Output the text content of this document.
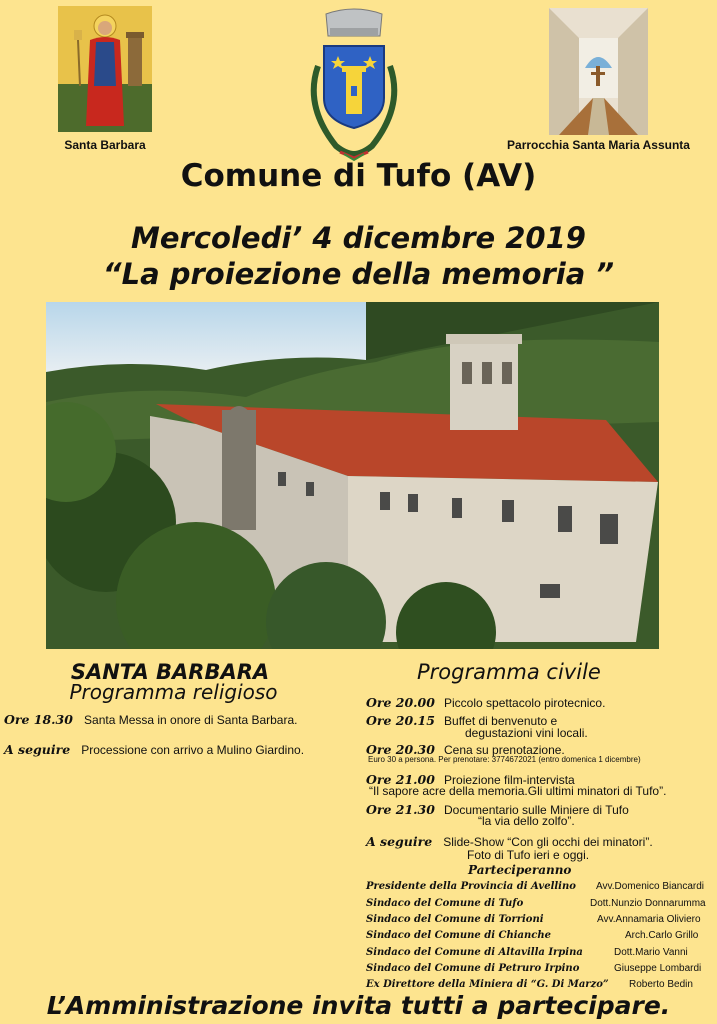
Santa Barbara	Parrocchia Santa Maria Assunta
Comune di Tufo (AV)
Mercoledi’ 4 dicembre 2019
“La proiezione della memoria ”
SANTA BARBARA
Programma religioso
Ore 18.30 Santa Messa in onore di Santa Barbara.
A seguire Processione con arrivo a Mulino Giardino.
Programma civile
Ore 20.00 Piccolo spettacolo pirotecnico.
Ore 20.15 Buffet di benvenuto e
degustazioni vini locali.
Ore 20.30 Cena su prenotazione.
Euro 30 a persona. Per prenotare: 3774672021 (entro domenica 1 dicembre)
Ore 21.00 Proiezione film-intervista
“Il sapore acre della memoria.Gli ultimi minatori di Tufo”.
Ore 21.30 Documentario sulle Miniere di Tufo
“la via dello zolfo”.
A seguire Slide-Show “Con gli occhi dei minatori”.
Foto di Tufo ieri e oggi.
Parteciperanno
Presidente della Provincia di Avellino Avv.Domenico Biancardi
Sindaco del Comune di Tufo	Dott.Nunzio Donnarumma
Sindaco del Comune di Torrioni	Avv.Annamaria Oliviero
Sindaco del Comune di Chianche	Arch.Carlo Grillo
Sindaco del Comune di Altavilla Irpina	Dott.Mario Vanni
Sindaco del Comune di Petruro Irpino	Giuseppe Lombardi
Ex Direttore della Miniera di “G. Di Marzo” Roberto Bedin
L’Amministrazione invita tutti a partecipare.
